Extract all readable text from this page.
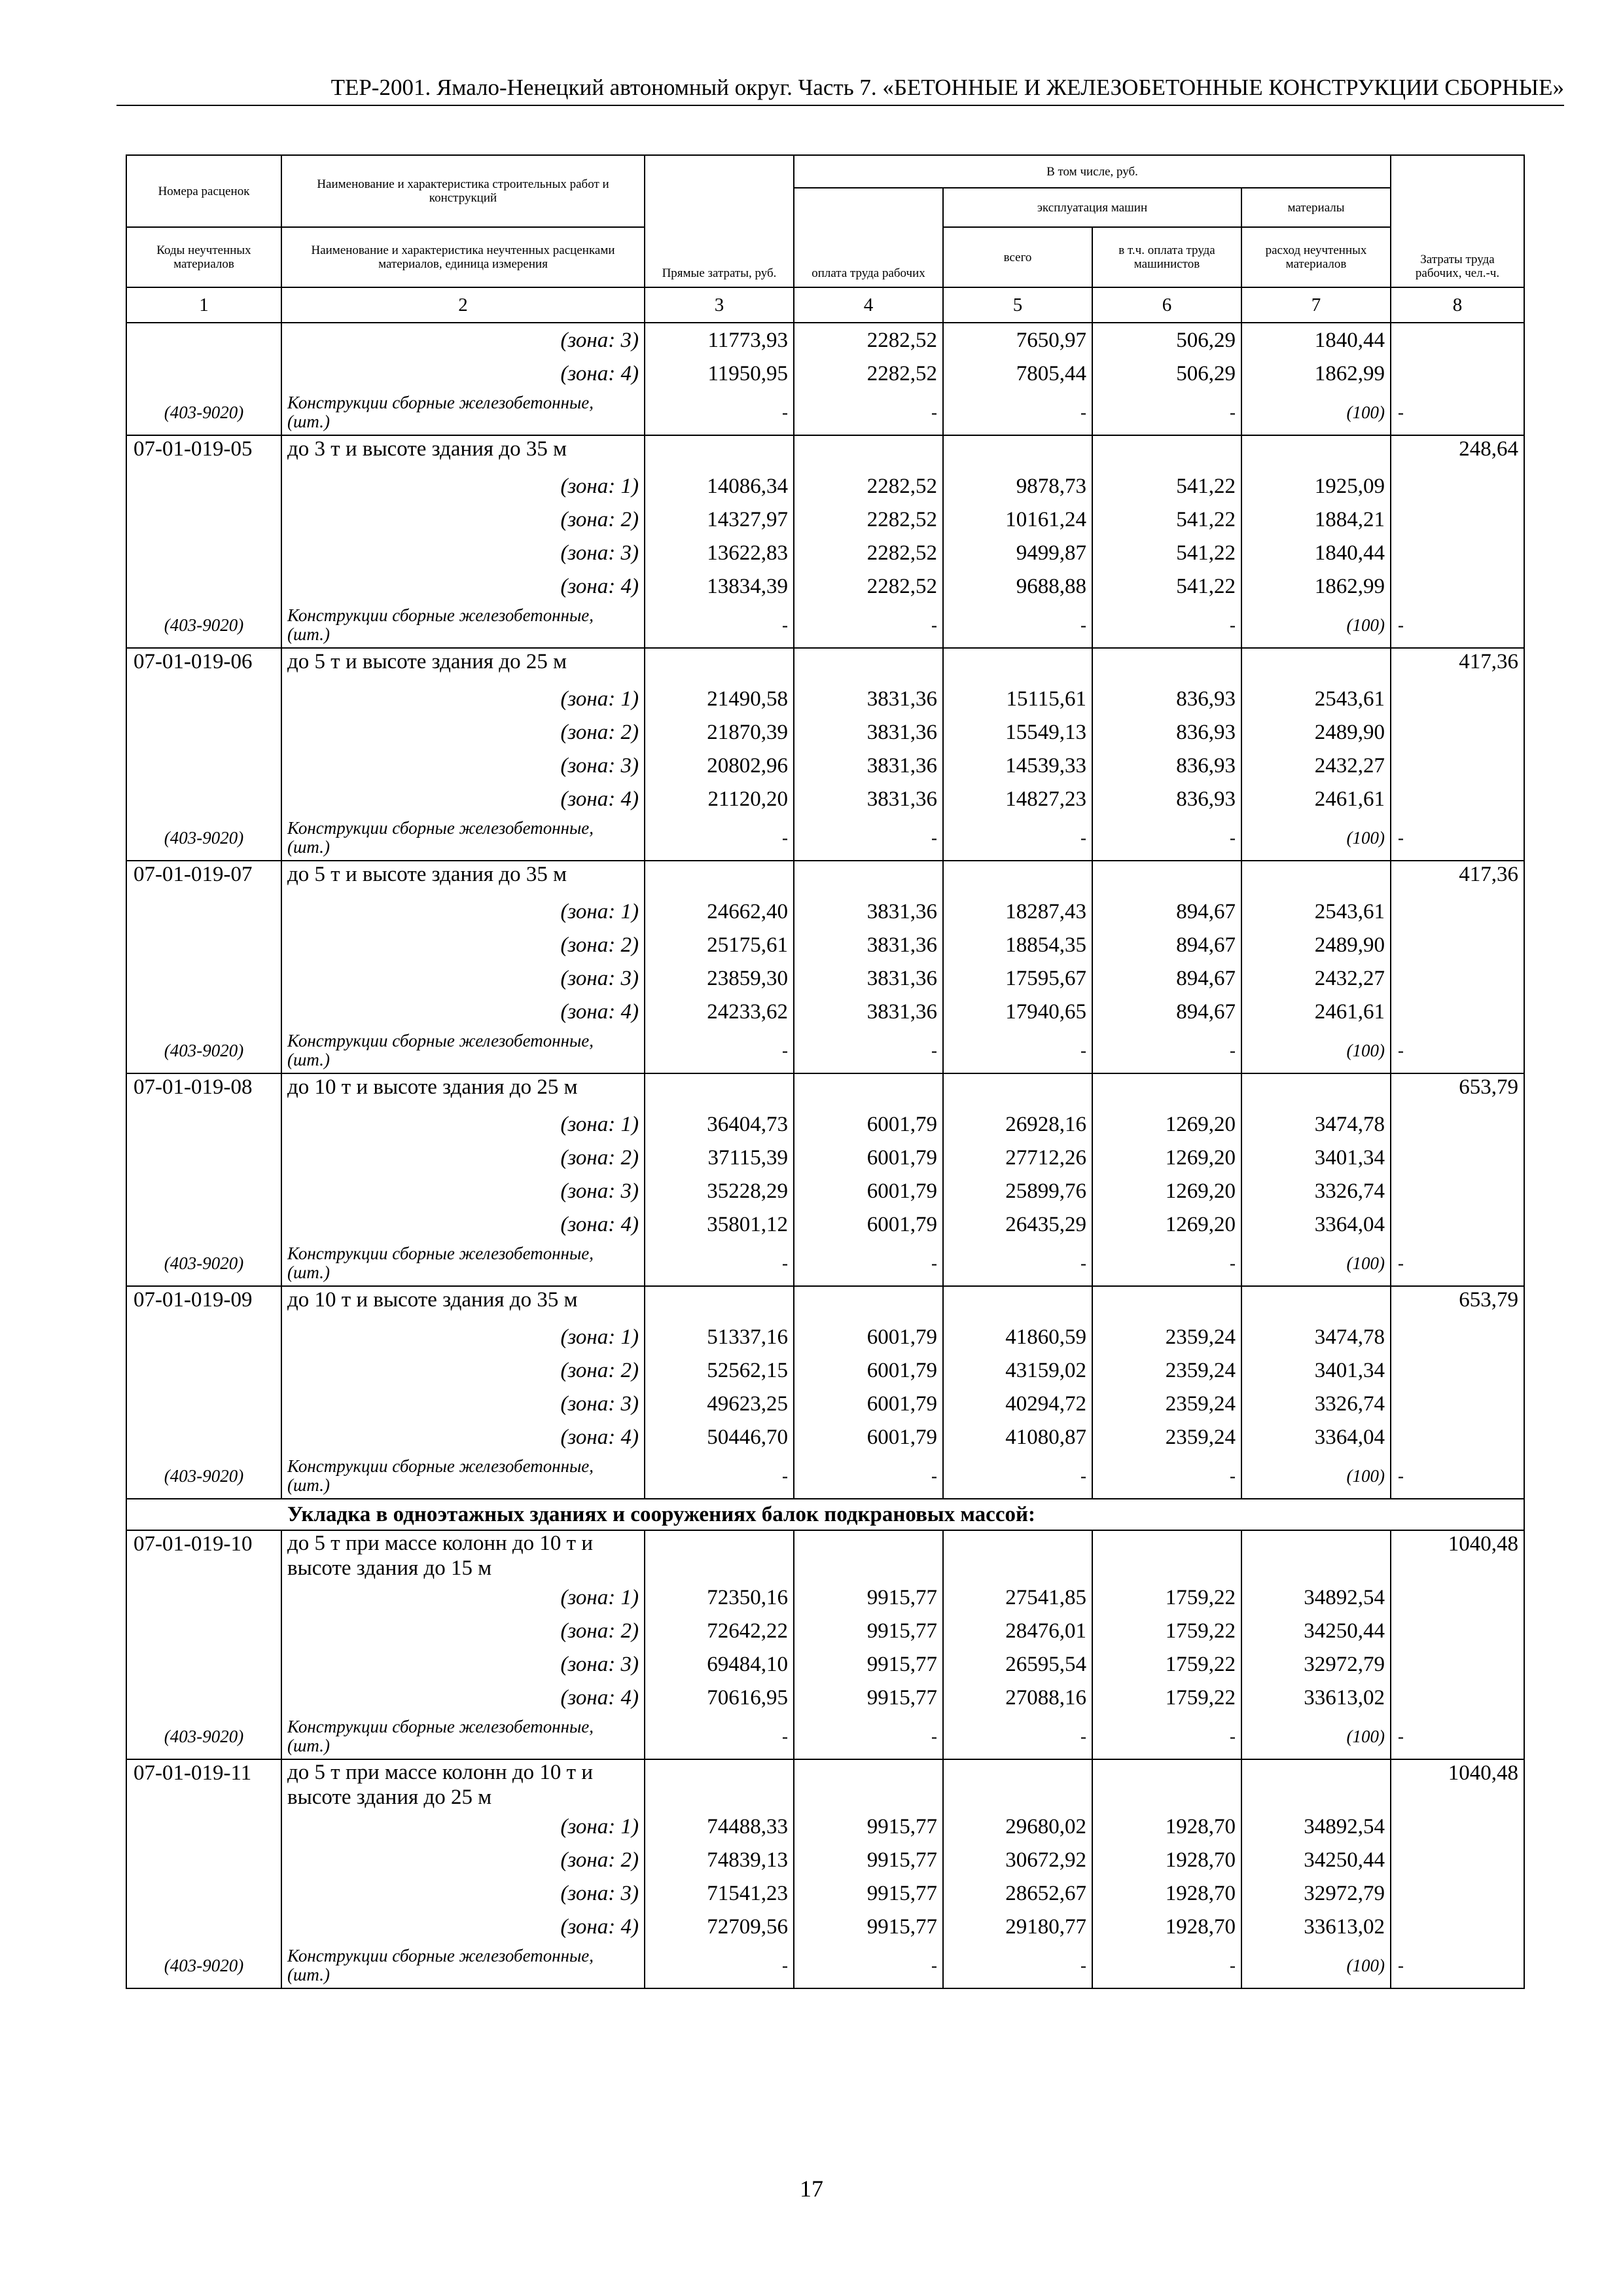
ТЕР-2001. Ямало-Ненецкий автономный округ. Часть 7. «БЕТОННЫЕ И ЖЕЛЕЗОБЕТОННЫЕ КОНСТРУКЦИИ СБОРНЫЕ»
Номера расценок	Наименование и характеристика строительных работ и конструкций	Прямые затраты, руб.	В том числе, руб.				Затраты труда рабочих, чел.-ч.
			оплата труда рабочих	эксплуатация машин		материалы	
Коды неучтенных материалов	Наименование и характеристика неучтенных расценками материалов, единица измерения			всего	в т.ч. оплата труда машинистов	расход неучтенных материалов	
1	2	3	4	5	6	7	8
	(зона: 3)	11773,93	2282,52	7650,97	506,29	1840,44	
	(зона: 4)	11950,95	2282,52	7805,44	506,29	1862,99	
(403-9020)	Конструкции сборные железобетонные, (шт.)	-	-	-	-	(100)	-
07-01-019-05	до 3 т и высоте здания до 35 м						248,64
	(зона: 1)	14086,34	2282,52	9878,73	541,22	1925,09	
	(зона: 2)	14327,97	2282,52	10161,24	541,22	1884,21	
	(зона: 3)	13622,83	2282,52	9499,87	541,22	1840,44	
	(зона: 4)	13834,39	2282,52	9688,88	541,22	1862,99	
(403-9020)	Конструкции сборные железобетонные, (шт.)	-	-	-	-	(100)	-
07-01-019-06	до 5 т и высоте здания до 25 м						417,36
	(зона: 1)	21490,58	3831,36	15115,61	836,93	2543,61	
	(зона: 2)	21870,39	3831,36	15549,13	836,93	2489,90	
	(зона: 3)	20802,96	3831,36	14539,33	836,93	2432,27	
	(зона: 4)	21120,20	3831,36	14827,23	836,93	2461,61	
(403-9020)	Конструкции сборные железобетонные, (шт.)	-	-	-	-	(100)	-
07-01-019-07	до 5 т и высоте здания до 35 м						417,36
	(зона: 1)	24662,40	3831,36	18287,43	894,67	2543,61	
	(зона: 2)	25175,61	3831,36	18854,35	894,67	2489,90	
	(зона: 3)	23859,30	3831,36	17595,67	894,67	2432,27	
	(зона: 4)	24233,62	3831,36	17940,65	894,67	2461,61	
(403-9020)	Конструкции сборные железобетонные, (шт.)	-	-	-	-	(100)	-
07-01-019-08	до 10 т и высоте здания до 25 м						653,79
	(зона: 1)	36404,73	6001,79	26928,16	1269,20	3474,78	
	(зона: 2)	37115,39	6001,79	27712,26	1269,20	3401,34	
	(зона: 3)	35228,29	6001,79	25899,76	1269,20	3326,74	
	(зона: 4)	35801,12	6001,79	26435,29	1269,20	3364,04	
(403-9020)	Конструкции сборные железобетонные, (шт.)	-	-	-	-	(100)	-
07-01-019-09	до 10 т и высоте здания до 35 м						653,79
	(зона: 1)	51337,16	6001,79	41860,59	2359,24	3474,78	
	(зона: 2)	52562,15	6001,79	43159,02	2359,24	3401,34	
	(зона: 3)	49623,25	6001,79	40294,72	2359,24	3326,74	
	(зона: 4)	50446,70	6001,79	41080,87	2359,24	3364,04	
(403-9020)	Конструкции сборные железобетонные, (шт.)	-	-	-	-	(100)	-
Укладка в одноэтажных зданиях и сооружениях балок подкрановых массой:							
07-01-019-10	до 5 т при массе колонн до 10 т и высоте здания до 15 м						1040,48
	(зона: 1)	72350,16	9915,77	27541,85	1759,22	34892,54	
	(зона: 2)	72642,22	9915,77	28476,01	1759,22	34250,44	
	(зона: 3)	69484,10	9915,77	26595,54	1759,22	32972,79	
	(зона: 4)	70616,95	9915,77	27088,16	1759,22	33613,02	
(403-9020)	Конструкции сборные железобетонные, (шт.)	-	-	-	-	(100)	-
07-01-019-11	до 5 т при массе колонн до 10 т и высоте здания до 25 м						1040,48
	(зона: 1)	74488,33	9915,77	29680,02	1928,70	34892,54	
	(зона: 2)	74839,13	9915,77	30672,92	1928,70	34250,44	
	(зона: 3)	71541,23	9915,77	28652,67	1928,70	32972,79	
	(зона: 4)	72709,56	9915,77	29180,77	1928,70	33613,02	
(403-9020)	Конструкции сборные железобетонные, (шт.)	-	-	-	-	(100)	-
17
